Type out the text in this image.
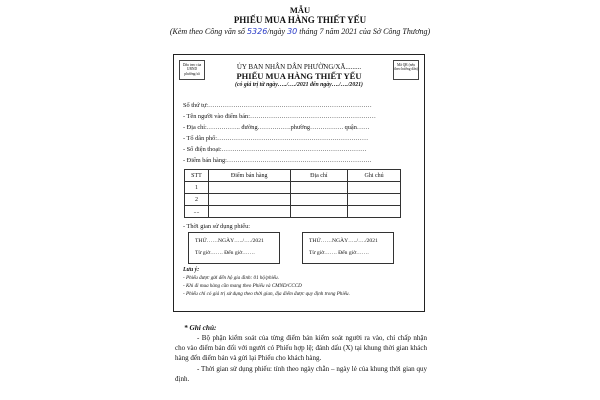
MẪU
PHIẾU MUA HÀNG THIẾT YẾU
(Kèm theo Công văn số 5326/ngày 30 tháng 7 năm 2021 của Sở Công Thương)
Dấu treo của UBND phường/xã
Mã QR (nếu theo hướng dẫn)
ỦY BAN NHÂN DÂN PHƯỜNG/XÃ.........
PHIẾU MUA HÀNG THIẾT YẾU
(có giá trị từ ngày…../…./2021 đến ngày…./…./2021)
Số thứ tự:……………………………………………………………………
- Tên người vào điểm bán:……………………………………………………
- Địa chỉ:……………. đường…………….phường……………. quận……
- Tổ dân phố:………………………………………………………………
- Số điện thoại:……………………………………………………………
- Điểm bán hàng:……………………………………………………………
STT	Điểm bán hàng	Địa chỉ	Ghi chú
1			
2			
....			
- Thời gian sử dụng phiếu:
THỨ……NGÀY…../…./2021
Từ giờ……. Đến giờ…….
THỨ……NGÀY…../…./2021
Từ giờ……. Đến giờ…….
Lưu ý:
- Phiếu được gửi đến hộ gia đình: 01 hộ/phiếu.
- Khi đi mua hàng cần mang theo Phiếu và CMND/CCCD
- Phiếu chỉ có giá trị sử dụng theo thời gian, địa điểm được quy định trong Phiếu.
* Ghi chú:
- Bộ phận kiểm soát của từng điểm bán kiểm soát người ra vào, chỉ chấp nhận cho vào điểm bán đối với người có Phiếu hợp lệ; đánh dấu (X) tại khung thời gian khách hàng đến điểm bán và gửi lại Phiếu cho khách hàng.
- Thời gian sử dụng phiếu: tính theo ngày chẵn – ngày lẻ của khung thời gian quy định.
